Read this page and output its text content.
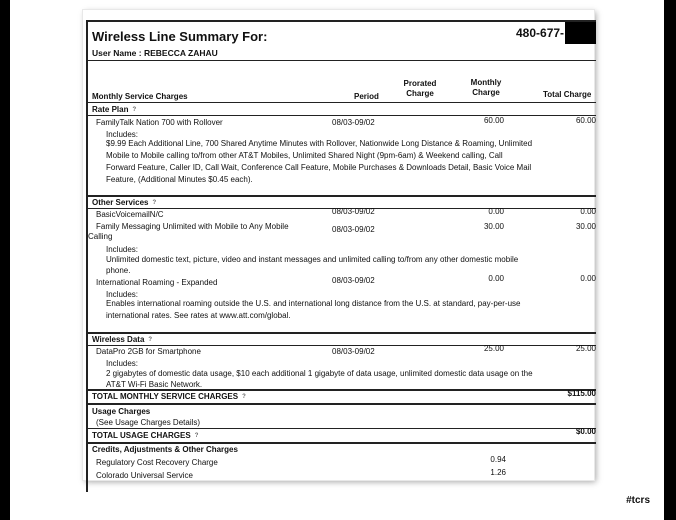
Wireless Line Summary For:	480-677-
User Name : REBECCA ZAHAU
Monthly Service Charges	Period
Prorated
Charge
Monthly
Charge	Total Charge
Rate Plan ?
FamilyTalk Nation 700 with Rollover	08/03-09/02	60.00	60.00
Includes:
$9.99 Each Additional Line, 700 Shared Anytime Minutes with Rollover, Nationwide Long Distance & Roaming, Unlimited
Mobile to Mobile calling to/from other AT&T Mobiles, Unlimited Shared Night (9pm-6am) & Weekend calling, Call
Forward Feature, Caller ID, Call Wait, Conference Call Feature, Mobile Purchases & Downloads Detail, Basic Voice Mail
Feature, (Additional Minutes $0.45 each).
Other Services ?
BasicVoicemailN/C	08/03-09/02	0.00	0.00
Family Messaging Unlimited with Mobile to Any Mobile
Calling
08/03-09/02	30.00	30.00
Includes:
Unlimited domestic text, picture, video and instant messages and unlimited calling to/from any other domestic mobile
phone.
International Roaming - Expanded	08/03-09/02	0.00	0.00
Includes:
Enables international roaming outside the U.S. and international long distance from the U.S. at standard, pay-per-use
international rates. See rates at www.att.com/global.
Wireless Data ?
DataPro 2GB for Smartphone	08/03-09/02	25.00	25.00
Includes:
2 gigabytes of domestic data usage, $10 each additional 1 gigabyte of data usage, unlimited domestic data usage on the
AT&T Wi-Fi Basic Network.
TOTAL MONTHLY SERVICE CHARGES ?	$115.00
Usage Charges
(See Usage Charges Details)
TOTAL USAGE CHARGES ?	$0.00
Credits, Adjustments & Other Charges
Regulatory Cost Recovery Charge	0.94
Colorado Universal Service	1.26
#tcrs
